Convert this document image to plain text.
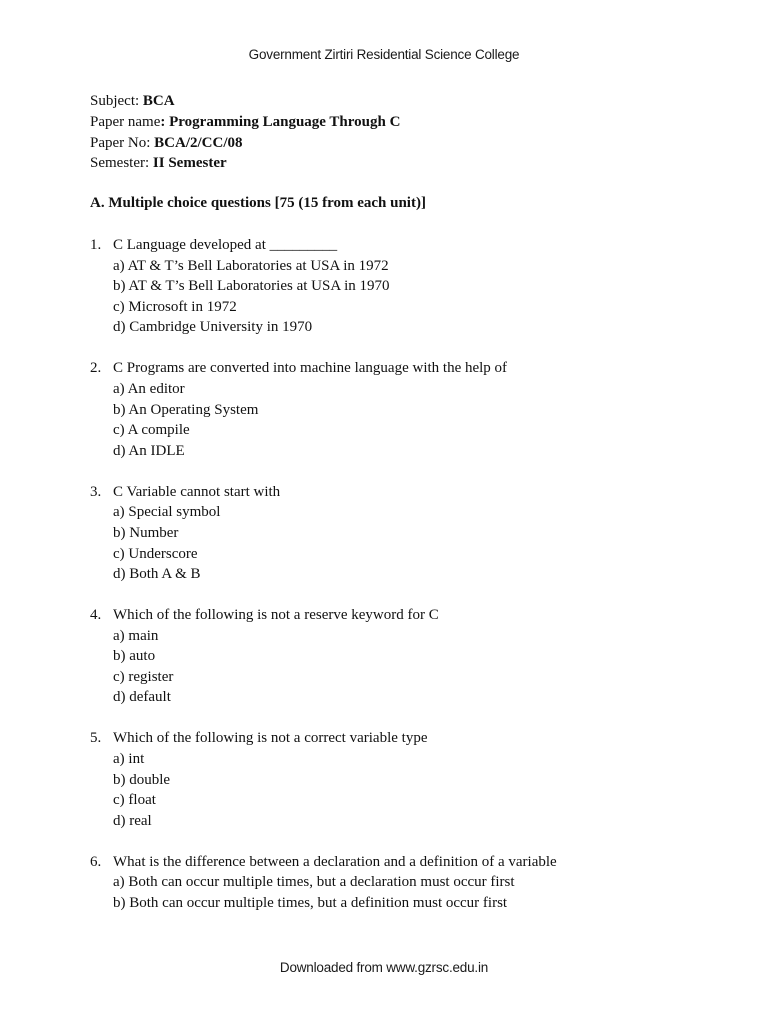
Government Zirtiri Residential Science College
Subject: BCA
Paper name: Programming Language Through C
Paper No: BCA/2/CC/08
Semester: II Semester
A. Multiple choice questions [75 (15 from each unit)]
1. C Language developed at _________
a) AT & T’s Bell Laboratories at USA in 1972
b) AT & T’s Bell Laboratories at USA in 1970
c) Microsoft in 1972
d) Cambridge University in 1970
2. C Programs are converted into machine language with the help of
a) An editor
b) An Operating System
c) A compile
d) An IDLE
3. C Variable cannot start with
a) Special symbol
b) Number
c) Underscore
d) Both A & B
4. Which of the following is not a reserve keyword for C
a) main
b) auto
c) register
d) default
5. Which of the following is not a correct variable type
a) int
b) double
c) float
d) real
6. What is the difference between a declaration and a definition of a variable
a) Both can occur multiple times, but a declaration must occur first
b) Both can occur multiple times, but a definition must occur first
Downloaded from www.gzrsc.edu.in
